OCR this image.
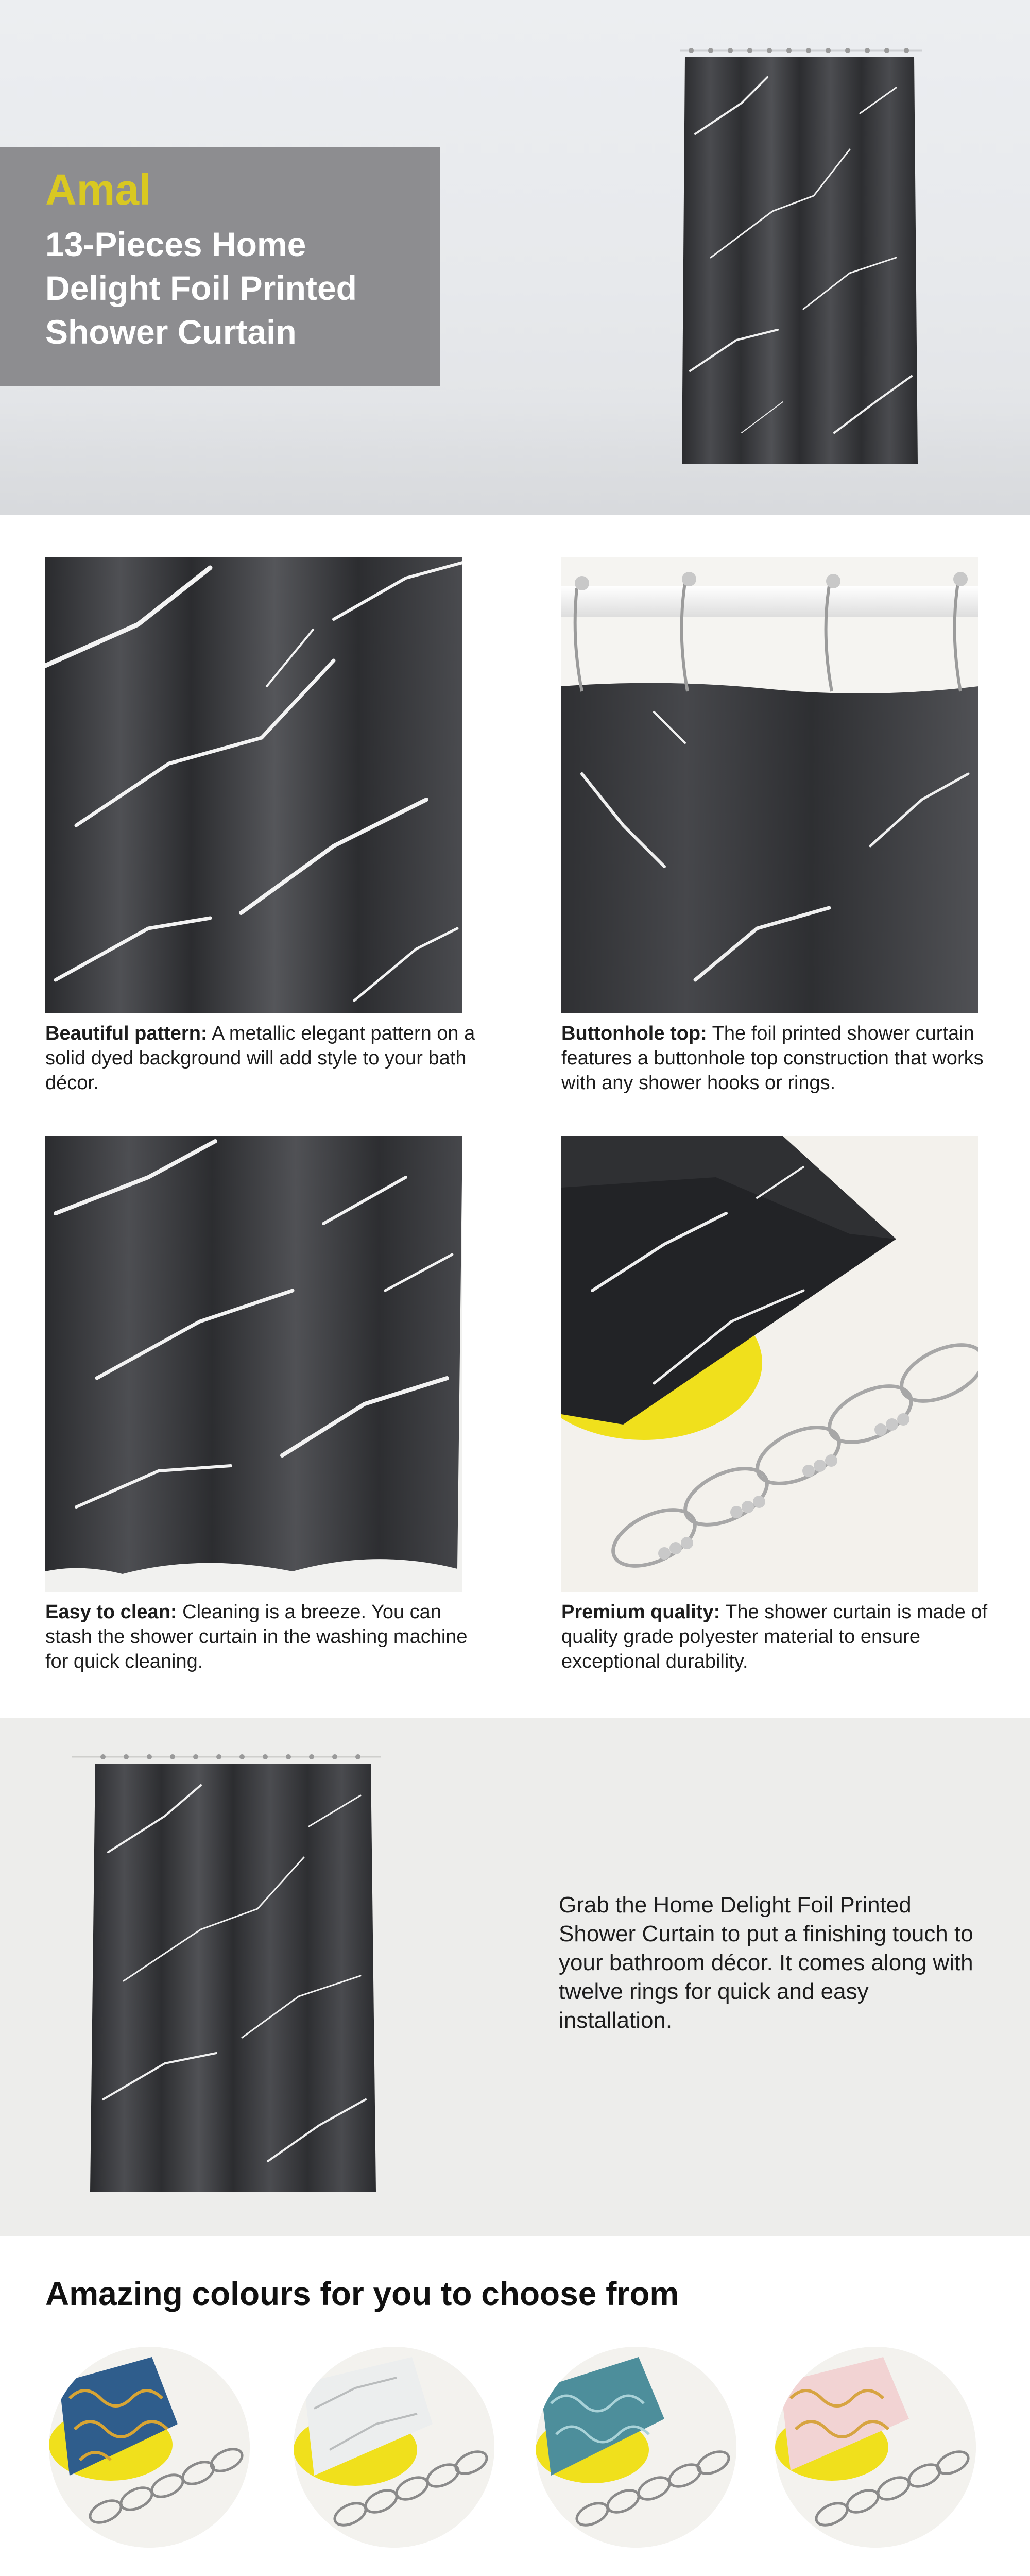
Amal
13-Pieces Home Delight Foil Printed Shower Curtain
Beautiful pattern: A metallic elegant pattern on a solid dyed background will add style to your bath décor.
Buttonhole top: The foil printed shower curtain features a buttonhole top construction that works with any shower hooks or rings.
Easy to clean: Cleaning is a breeze. You can stash the shower curtain in the washing machine for quick cleaning.
Premium quality: The shower curtain is made of quality grade polyester material to ensure exceptional durability.
Grab the Home Delight Foil Printed Shower Curtain to put a finishing touch to your bathroom décor. It comes along with twelve rings for quick and easy installation.
Amazing colours for you to choose from
